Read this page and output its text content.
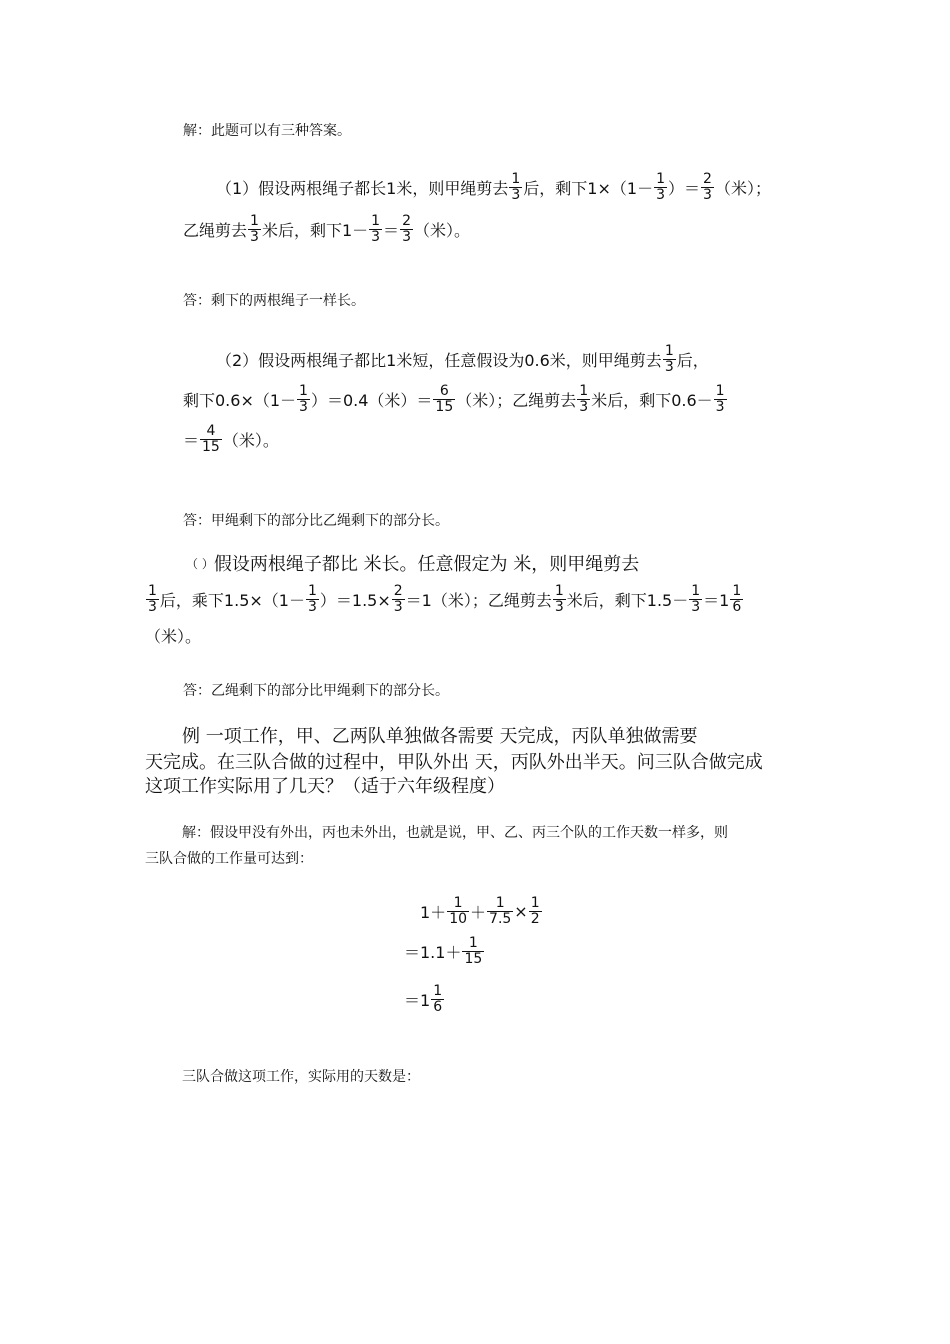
解：此题可以有三种答案。
（1）假设两根绳子都长1米，则甲绳剪去 $\frac{1}{3}$ 后，剩下$1\times(1- \frac{1}{3}$ ）＝ $\frac{2}{3}$ （米）；
乙绳剪去 $\frac{1}{3}$ 米后，剩下$1- \frac{1}{3} = \frac{2}{3}$ （米）。
答：剩下的两根绳子一样长。
（2）假设两根绳子都比1米短，任意假设为0.6米，则甲绳剪去 $\frac{1}{3}$ 后，
剩下$0.6\times(1- \frac{1}{3} )=0.4$（米）＝ $\frac{6}{15}$ （米）；乙绳剪去 $\frac{1}{3}$ 米后，剩下$0.6- \frac{1}{3}$
＝ $\frac{4}{15}$ （米）。
答：甲绳剩下的部分比乙绳剩下的部分长。
（ ） 假设两根绳子都比 米长。任意假定为 米，则甲绳剪去
$\frac{1}{3}$ 后，乘下$1.5\times(1- \frac{1}{3} )=1.5\times \frac{2}{3} =1$（米）；乙绳剪去 $\frac{1}{3}$ 米后，剩下$1.5- \frac{1}{3} =1 \frac{1}{6}$
（米）。
答：乙绳剩下的部分比甲绳剩下的部分长。
例 一项工作，甲、乙两队单独做各需要 天完成，丙队单独做需要
天完成。在三队合做的过程中，甲队外出 天，丙队外出半天。问三队合做完成
这项工作实际用了几天？（适于六年级程度）
解：假设甲没有外出，丙也未外出，也就是说，甲、乙、丙三个队的工作天数一样多，则
三队合做的工作量可达到：
$1+ \frac{1}{10} + \frac{1}{7.5} \times \frac{1}{2}$
$=1.1+ \frac{1}{15}$
$=1 \frac{1}{6}$
三队合做这项工作，实际用的天数是：
